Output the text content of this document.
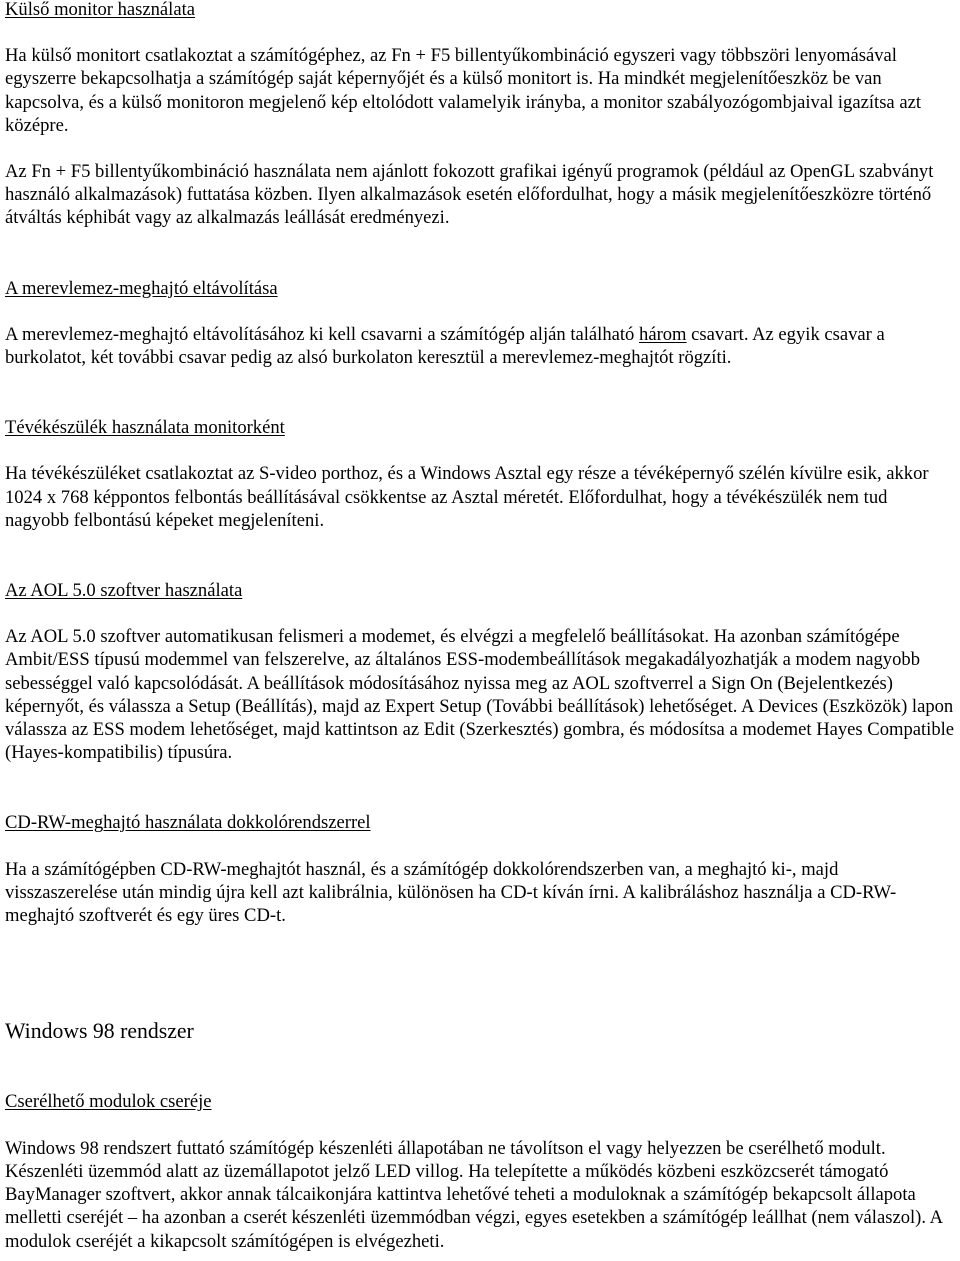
Külső monitor használata

Ha külső monitort csatlakoztat a számítógéphez, az Fn + F5 billentyűkombináció egyszeri vagy többszöri lenyomásával egyszerre bekapcsolhatja a számítógép saját képernyőjét és a külső monitort is. Ha mindkét megjelenítőeszköz be van kapcsolva, és a külső monitoron megjelenő kép eltolódott valamelyik irányba, a monitor szabályozógombjaival igazítsa azt középre.

Az Fn + F5 billentyűkombináció használata nem ajánlott fokozott grafikai igényű programok (például az OpenGL szabványt használó alkalmazások) futtatása közben. Ilyen alkalmazások esetén előfordulhat, hogy a másik megjelenítőeszközre történő átváltás képhibát vagy az alkalmazás leállását eredményezi.

A merevlemez-meghajtó eltávolítása

A merevlemez-meghajtó eltávolításához ki kell csavarni a számítógép alján található három csavart. Az egyik csavar a burkolatot, két további csavar pedig az alsó burkolaton keresztül a merevlemez-meghajtót rögzíti.

Tévékészülék használata monitorként

Ha tévékészüléket csatlakoztat az S-video porthoz, és a Windows Asztal egy része a tévéképernyő szélén kívülre esik, akkor 1024 x 768 képpontos felbontás beállításával csökkentse az Asztal méretét. Előfordulhat, hogy a tévékészülék nem tud nagyobb felbontású képeket megjeleníteni.

Az AOL 5.0 szoftver használata

Az AOL 5.0 szoftver automatikusan felismeri a modemet, és elvégzi a megfelelő beállításokat. Ha azonban számítógépe Ambit/ESS típusú modemmel van felszerelve, az általános ESS-modembeállítások megakadályozhatják a modem nagyobb sebességgel való kapcsolódását. A beállítások módosításához nyissa meg az AOL szoftverrel a Sign On (Bejelentkezés) képernyőt, és válassza a Setup (Beállítás), majd az Expert Setup (További beállítások) lehetőséget. A Devices (Eszközök) lapon válassza az ESS modem lehetőséget, majd kattintson az Edit (Szerkesztés) gombra, és módosítsa a modemet Hayes Compatible (Hayes-kompatibilis) típusúra.

CD-RW-meghajtó használata dokkolórendszerrel

Ha a számítógépben CD-RW-meghajtót használ, és a számítógép dokkolórendszerben van, a meghajtó ki-, majd visszaszerelése után mindig újra kell azt kalibrálnia, különösen ha CD-t kíván írni. A kalibráláshoz használja a CD-RW-meghajtó szoftverét és egy üres CD-t.

Windows 98 rendszer
Cserélhető modulok cseréje

Windows 98 rendszert futtató számítógép készenléti állapotában ne távolítson el vagy helyezzen be cserélhető modult. Készenléti üzemmód alatt az üzemállapotot jelző LED villog. Ha telepítette a működés közbeni eszközcserét támogató BayManager szoftvert, akkor annak tálcaikonjára kattintva lehetővé teheti a moduloknak a számítógép bekapcsolt állapota melletti cseréjét – ha azonban a cserét készenléti üzemmódban végzi, egyes esetekben a számítógép leállhat (nem válaszol). A modulok cseréjét a kikapcsolt számítógépen is elvégezheti.
